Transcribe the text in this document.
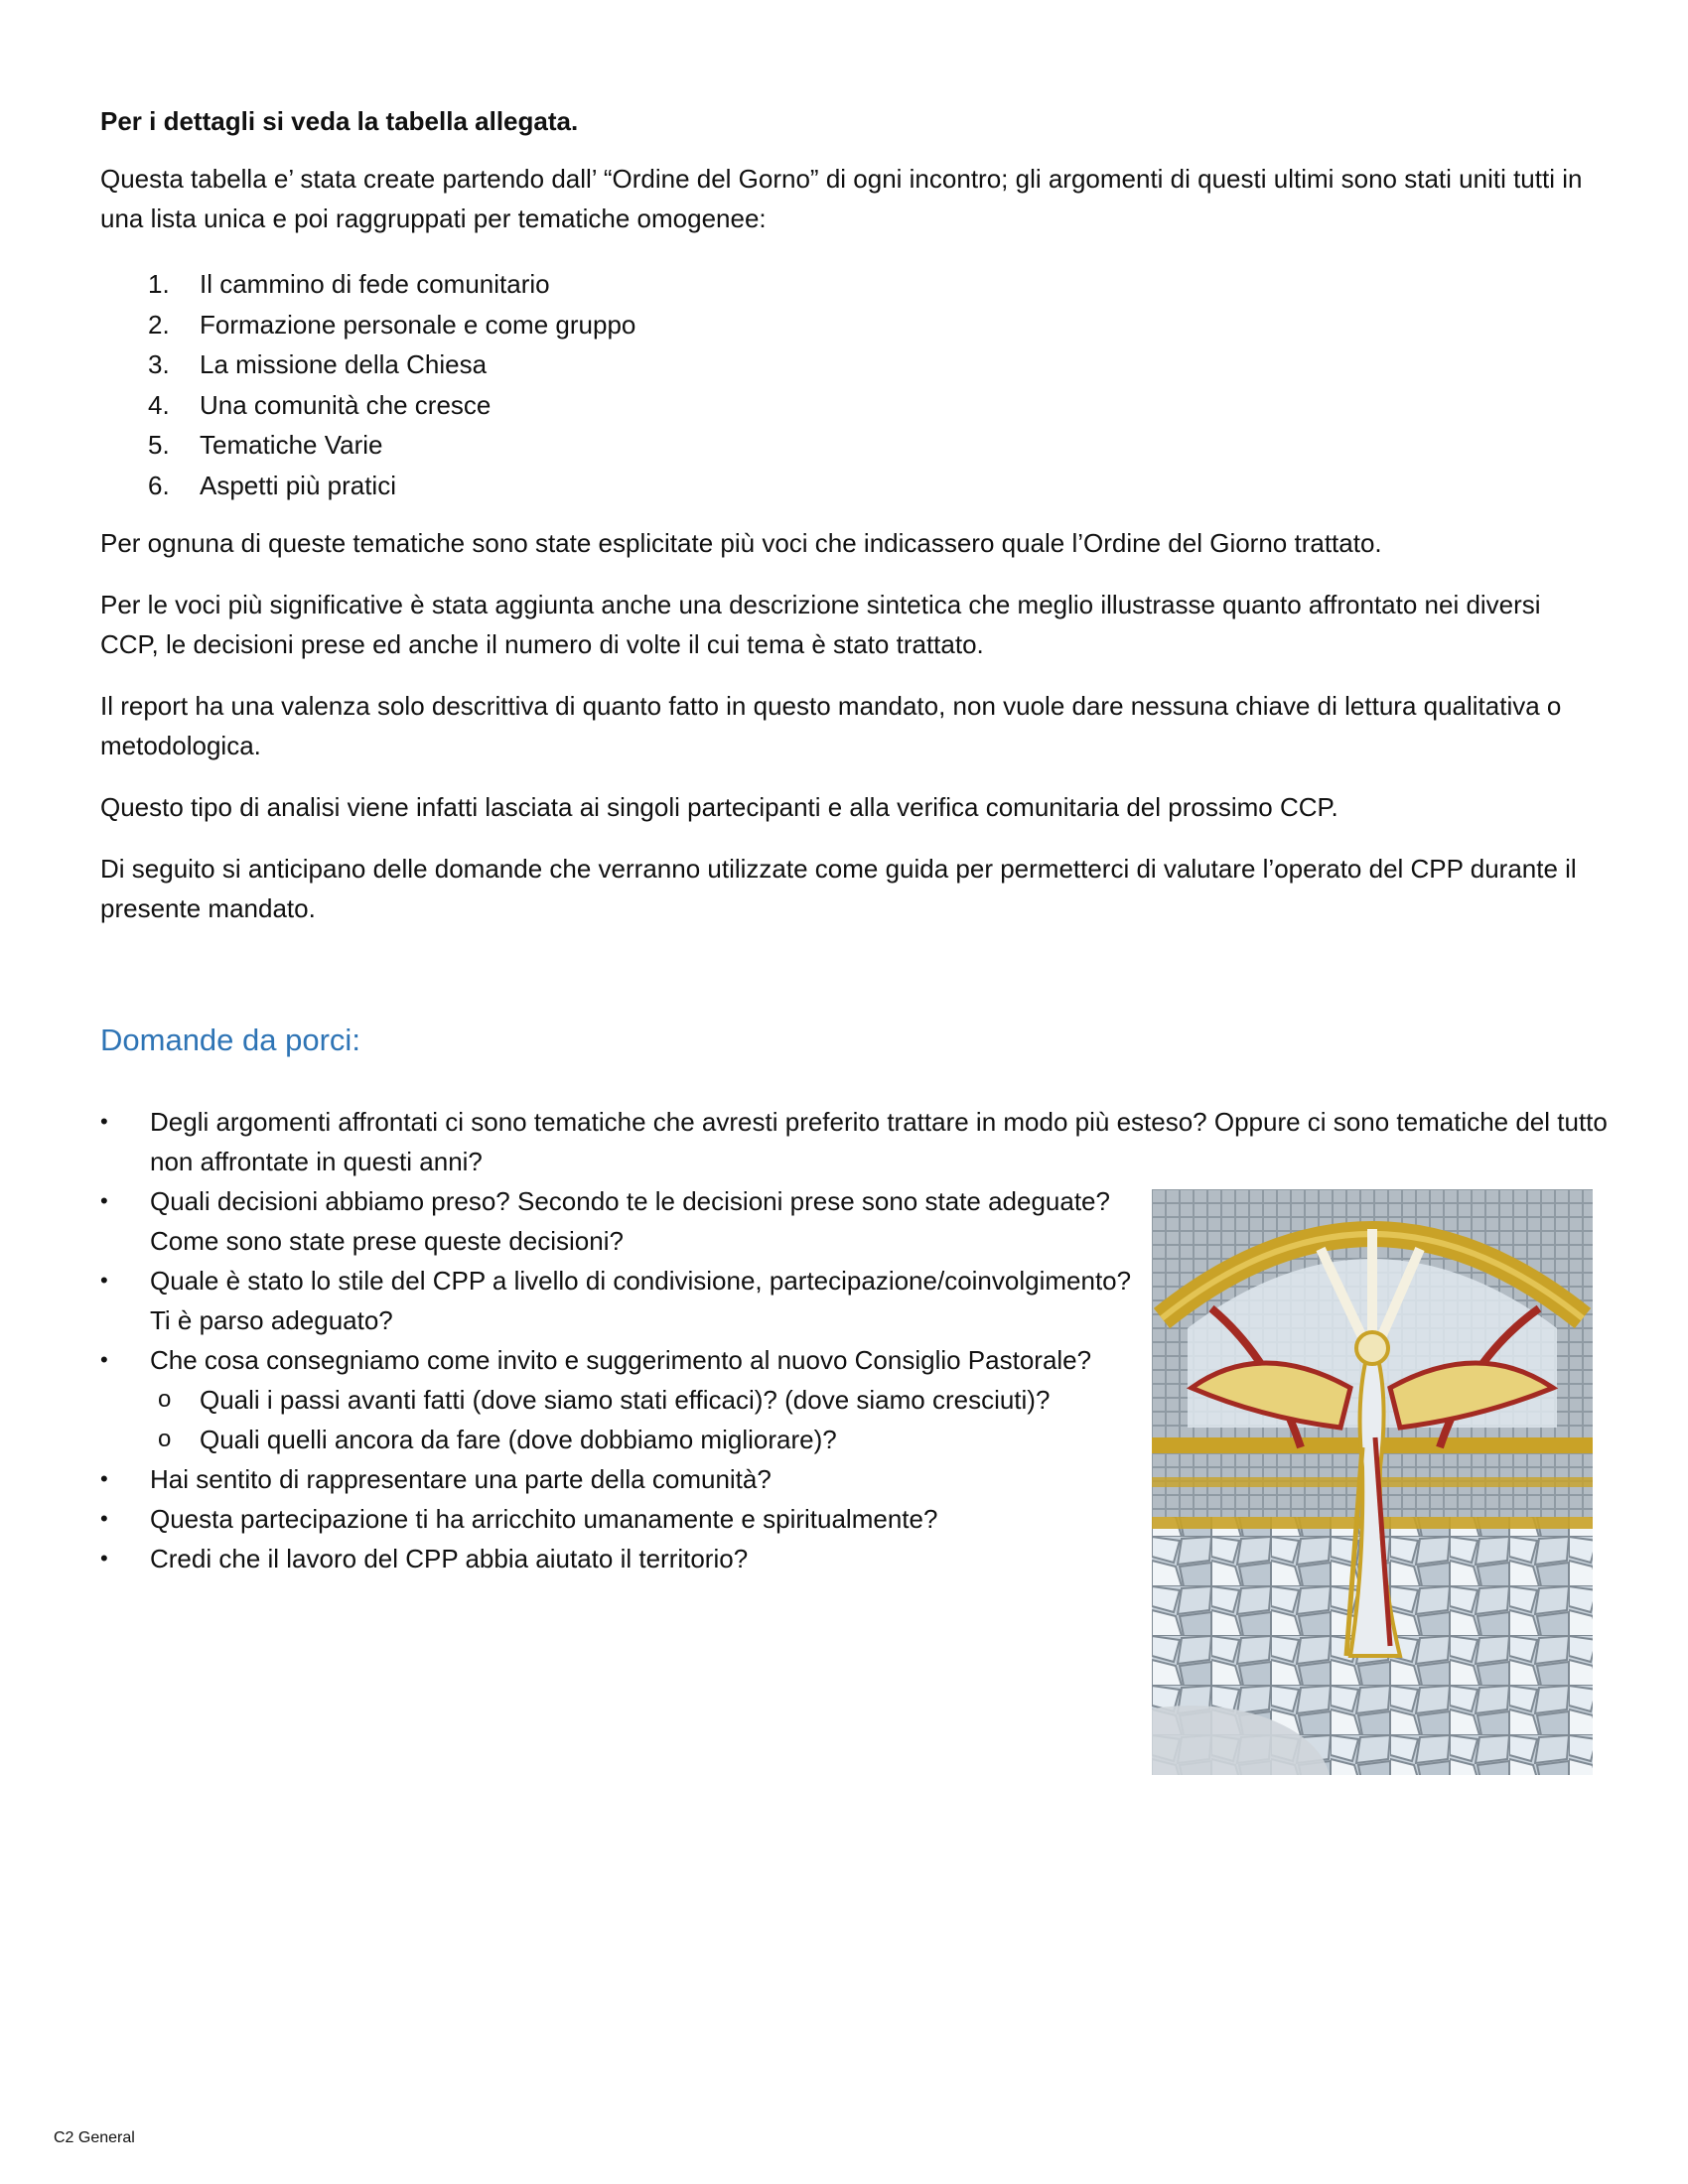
Per i dettagli si veda la tabella allegata.

Questa tabella e’ stata create partendo dall’ “Ordine del Gorno” di ogni incontro; gli argomenti di questi ultimi sono stati uniti tutti in una lista unica e poi raggruppati per tematiche omogenee:

1.	Il cammino di fede comunitario
2.	Formazione personale e come gruppo
3.	La missione della Chiesa
4.	Una comunità che cresce
5.	Tematiche Varie
6.	Aspetti più pratici

Per ognuna di queste tematiche sono state esplicitate più voci che indicassero quale l’Ordine del Giorno trattato.

Per le voci più significative è stata aggiunta anche una descrizione sintetica che meglio illustrasse quanto affrontato nei diversi CCP, le decisioni prese ed anche il numero di volte il cui tema è stato trattato.

Il report ha una valenza solo descrittiva di quanto fatto in questo mandato, non vuole dare nessuna chiave di lettura qualitativa o metodologica.

Questo tipo di analisi viene infatti lasciata ai singoli partecipanti e alla verifica comunitaria del prossimo CCP.

Di seguito si anticipano delle domande che verranno utilizzate come guida per permetterci di valutare l’operato del CPP durante il presente mandato.

Domande da porci:
•	Degli argomenti affrontati ci sono tematiche che avresti preferito trattare in modo più esteso? Oppure ci sono tematiche del tutto non affrontate in questi anni?
•	Quali decisioni abbiamo preso? Secondo te le decisioni prese sono state adeguate? Come sono state prese queste decisioni?
•	Quale è stato lo stile del CPP a livello di condivisione, partecipazione/coinvolgimento? Ti è parso adeguato?
•	Che cosa consegniamo come invito e suggerimento al nuovo Consiglio Pastorale?
o Quali i passi avanti fatti (dove siamo stati efficaci)? (dove siamo cresciuti)?
o Quali quelli ancora da fare (dove dobbiamo migliorare)?
•	Hai sentito di rappresentare una parte della comunità?
•	Questa partecipazione ti ha arricchito umanamente e spiritualmente?
•	Credi che il lavoro del CPP abbia aiutato il territorio?
C2 General
